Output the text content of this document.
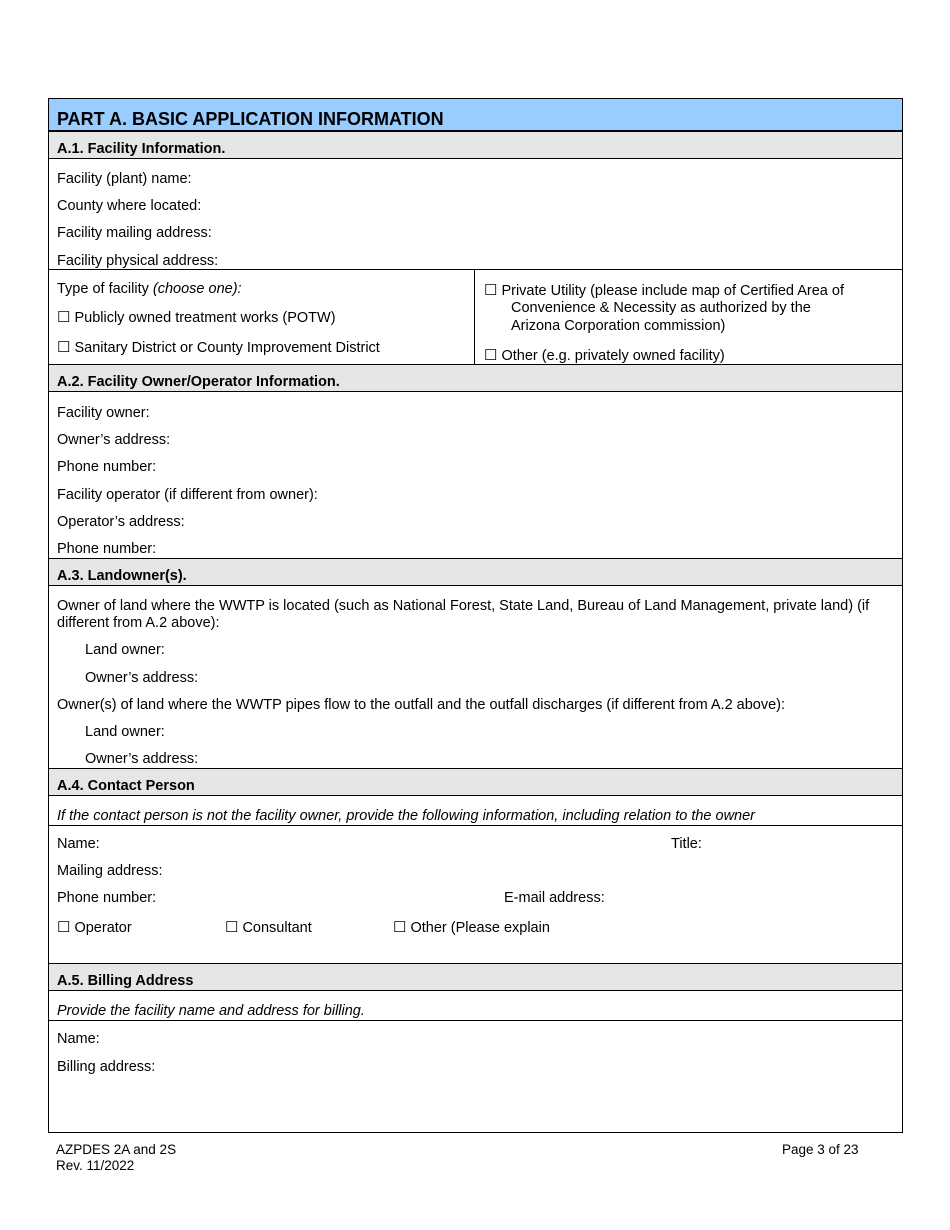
PART A. BASIC APPLICATION INFORMATION
A.1. Facility Information.
Facility (plant) name:
County where located:
Facility mailing address:
Facility physical address:
Type of facility (choose one):
☐ Publicly owned treatment works (POTW)
☐ Sanitary District or County Improvement District
☐ Private Utility (please include map of Certified Area of
Convenience & Necessity as authorized by the
Arizona Corporation commission)
☐ Other (e.g. privately owned facility)
A.2. Facility Owner/Operator Information.
Facility owner:
Owner’s address:
Phone number:
Facility operator (if different from owner):
Operator’s address:
Phone number:
A.3. Landowner(s).
Owner of land where the WWTP is located (such as National Forest, State Land, Bureau of Land Management, private land) (if different from A.2 above):
Land owner:
Owner’s address:
Owner(s) of land where the WWTP pipes flow to the outfall and the outfall discharges (if different from A.2 above):
Land owner:
Owner’s address:
A.4. Contact Person
If the contact person is not the facility owner, provide the following information, including relation to the owner
Name:	Title:
Mailing address:
Phone number:	E-mail address:
☐ Operator	☐ Consultant	☐ Other (Please explain
A.5. Billing Address
Provide the facility name and address for billing.
Name:
Billing address:
AZPDES 2A and 2S
Rev. 11/2022
Page 3 of 23
